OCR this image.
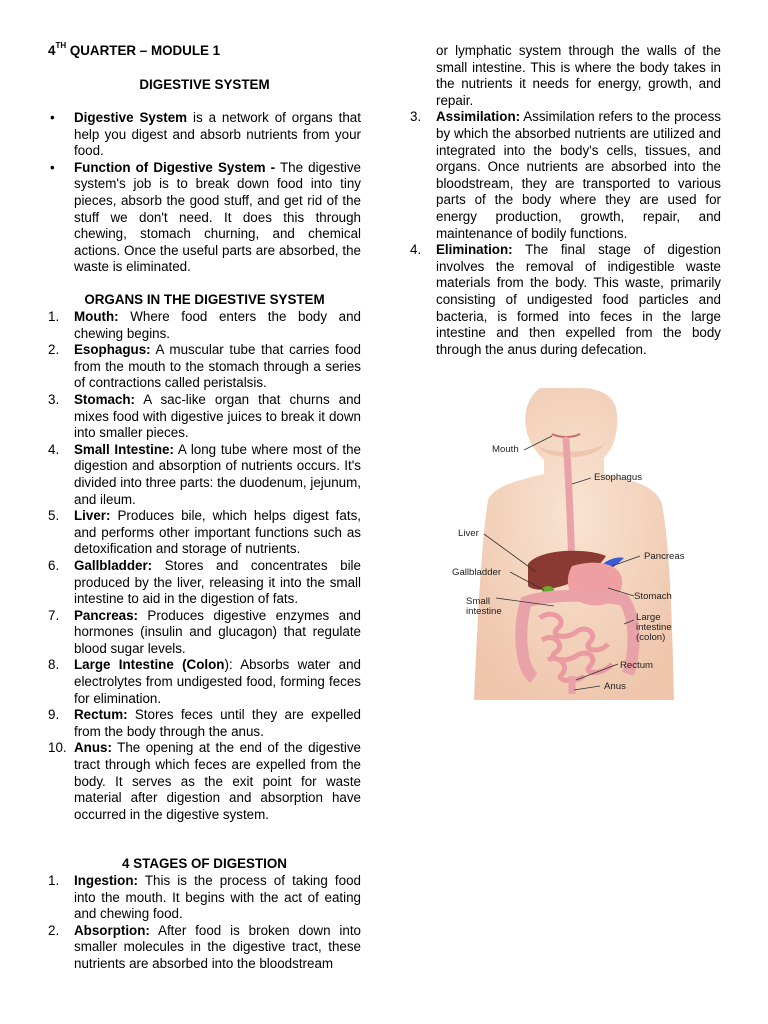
4TH QUARTER – MODULE 1
DIGESTIVE SYSTEM
• Digestive System is a network of organs that help you digest and absorb nutrients from your food.
• Function of Digestive System - The digestive system's job is to break down food into tiny pieces, absorb the good stuff, and get rid of the stuff we don't need. It does this through chewing, stomach churning, and chemical actions. Once the useful parts are absorbed, the waste is eliminated.
ORGANS IN THE DIGESTIVE SYSTEM
1. Mouth: Where food enters the body and chewing begins.
2. Esophagus: A muscular tube that carries food from the mouth to the stomach through a series of contractions called peristalsis.
3. Stomach: A sac-like organ that churns and mixes food with digestive juices to break it down into smaller pieces.
4. Small Intestine: A long tube where most of the digestion and absorption of nutrients occurs. It's divided into three parts: the duodenum, jejunum, and ileum.
5. Liver: Produces bile, which helps digest fats, and performs other important functions such as detoxification and storage of nutrients.
6. Gallbladder: Stores and concentrates bile produced by the liver, releasing it into the small intestine to aid in the digestion of fats.
7. Pancreas: Produces digestive enzymes and hormones (insulin and glucagon) that regulate blood sugar levels.
8. Large Intestine (Colon): Absorbs water and electrolytes from undigested food, forming feces for elimination.
9. Rectum: Stores feces until they are expelled from the body through the anus.
10. Anus: The opening at the end of the digestive tract through which feces are expelled from the body. It serves as the exit point for waste material after digestion and absorption have occurred in the digestive system.
4 STAGES OF DIGESTION
1. Ingestion: This is the process of taking food into the mouth. It begins with the act of eating and chewing food.
2. Absorption: After food is broken down into smaller molecules in the digestive tract, these nutrients are absorbed into the bloodstream
or lymphatic system through the walls of the small intestine. This is where the body takes in the nutrients it needs for energy, growth, and repair.
3. Assimilation: Assimilation refers to the process by which the absorbed nutrients are utilized and integrated into the body's cells, tissues, and organs. Once nutrients are absorbed into the bloodstream, they are transported to various parts of the body where they are used for energy production, growth, repair, and maintenance of bodily functions.
4. Elimination: The final stage of digestion involves the removal of indigestible waste materials from the body. This waste, primarily consisting of undigested food particles and bacteria, is formed into feces in the large intestine and then expelled from the body through the anus during defecation.
Mouth
Esophagus
Liver
Pancreas
Gallbladder
Small
intestine
Stomach
Large
intestine
(colon)
Rectum
Anus
